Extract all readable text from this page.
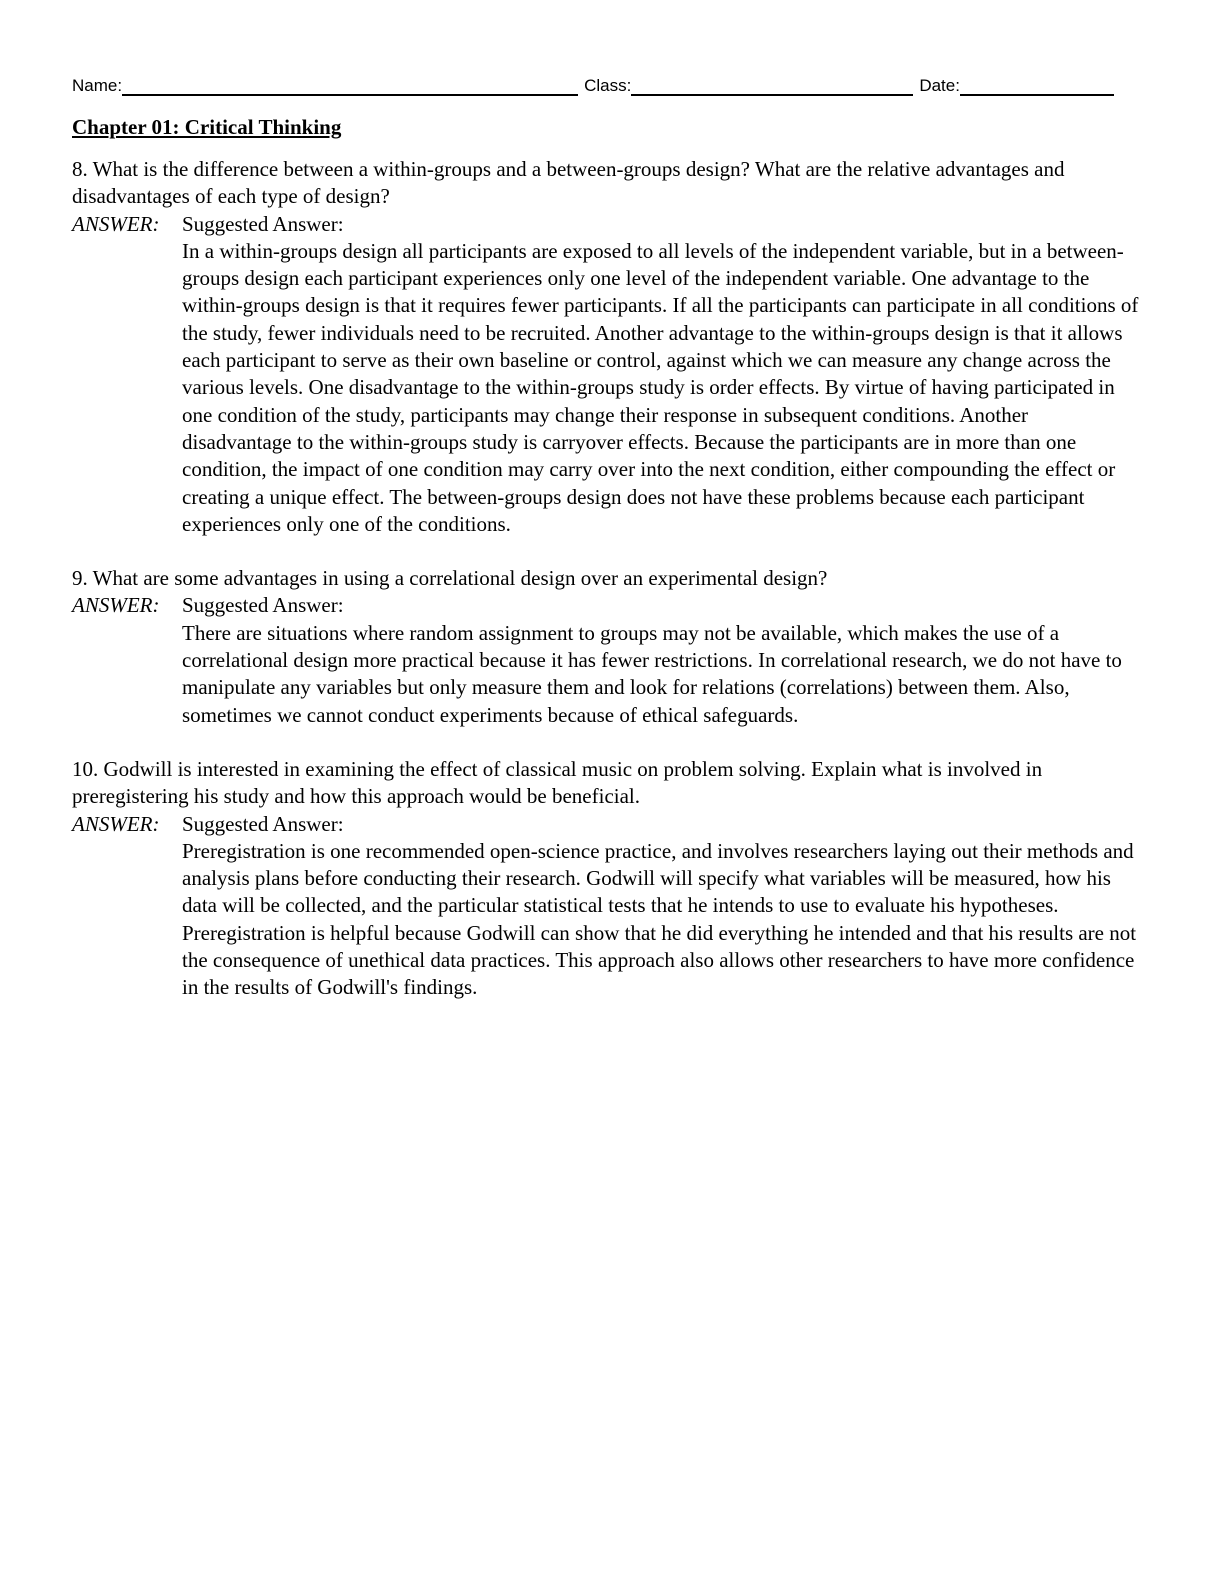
Name:	Class:	Date:
Chapter 01: Critical Thinking

8. What is the difference between a within-groups and a between-groups design? What are the relative advantages and disadvantages of each type of design?

ANSWER:	Suggested Answer:
In a within-groups design all participants are exposed to all levels of the independent variable, but in a between-groups design each participant experiences only one level of the independent variable. One advantage to the within-groups design is that it requires fewer participants. If all the participants can participate in all conditions of the study, fewer individuals need to be recruited. Another advantage to the within-groups design is that it allows each participant to serve as their own baseline or control, against which we can measure any change across the various levels. One disadvantage to the within-groups study is order effects. By virtue of having participated in one condition of the study, participants may change their response in subsequent conditions. Another disadvantage to the within-groups study is carryover effects. Because the participants are in more than one condition, the impact of one condition may carry over into the next condition, either compounding the effect or creating a unique effect. The between-groups design does not have these problems because each participant experiences only one of the conditions.

9. What are some advantages in using a correlational design over an experimental design?

ANSWER:	Suggested Answer:
There are situations where random assignment to groups may not be available, which makes the use of a correlational design more practical because it has fewer restrictions. In correlational research, we do not have to manipulate any variables but only measure them and look for relations (correlations) between them. Also, sometimes we cannot conduct experiments because of ethical safeguards.

10. Godwill is interested in examining the effect of classical music on problem solving. Explain what is involved in preregistering his study and how this approach would be beneficial.

ANSWER:	Suggested Answer:
Preregistration is one recommended open-science practice, and involves researchers laying out their methods and analysis plans before conducting their research. Godwill will specify what variables will be measured, how his data will be collected, and the particular statistical tests that he intends to use to evaluate his hypotheses. Preregistration is helpful because Godwill can show that he did everything he intended and that his results are not the consequence of unethical data practices. This approach also allows other researchers to have more confidence in the results of Godwill's findings.
